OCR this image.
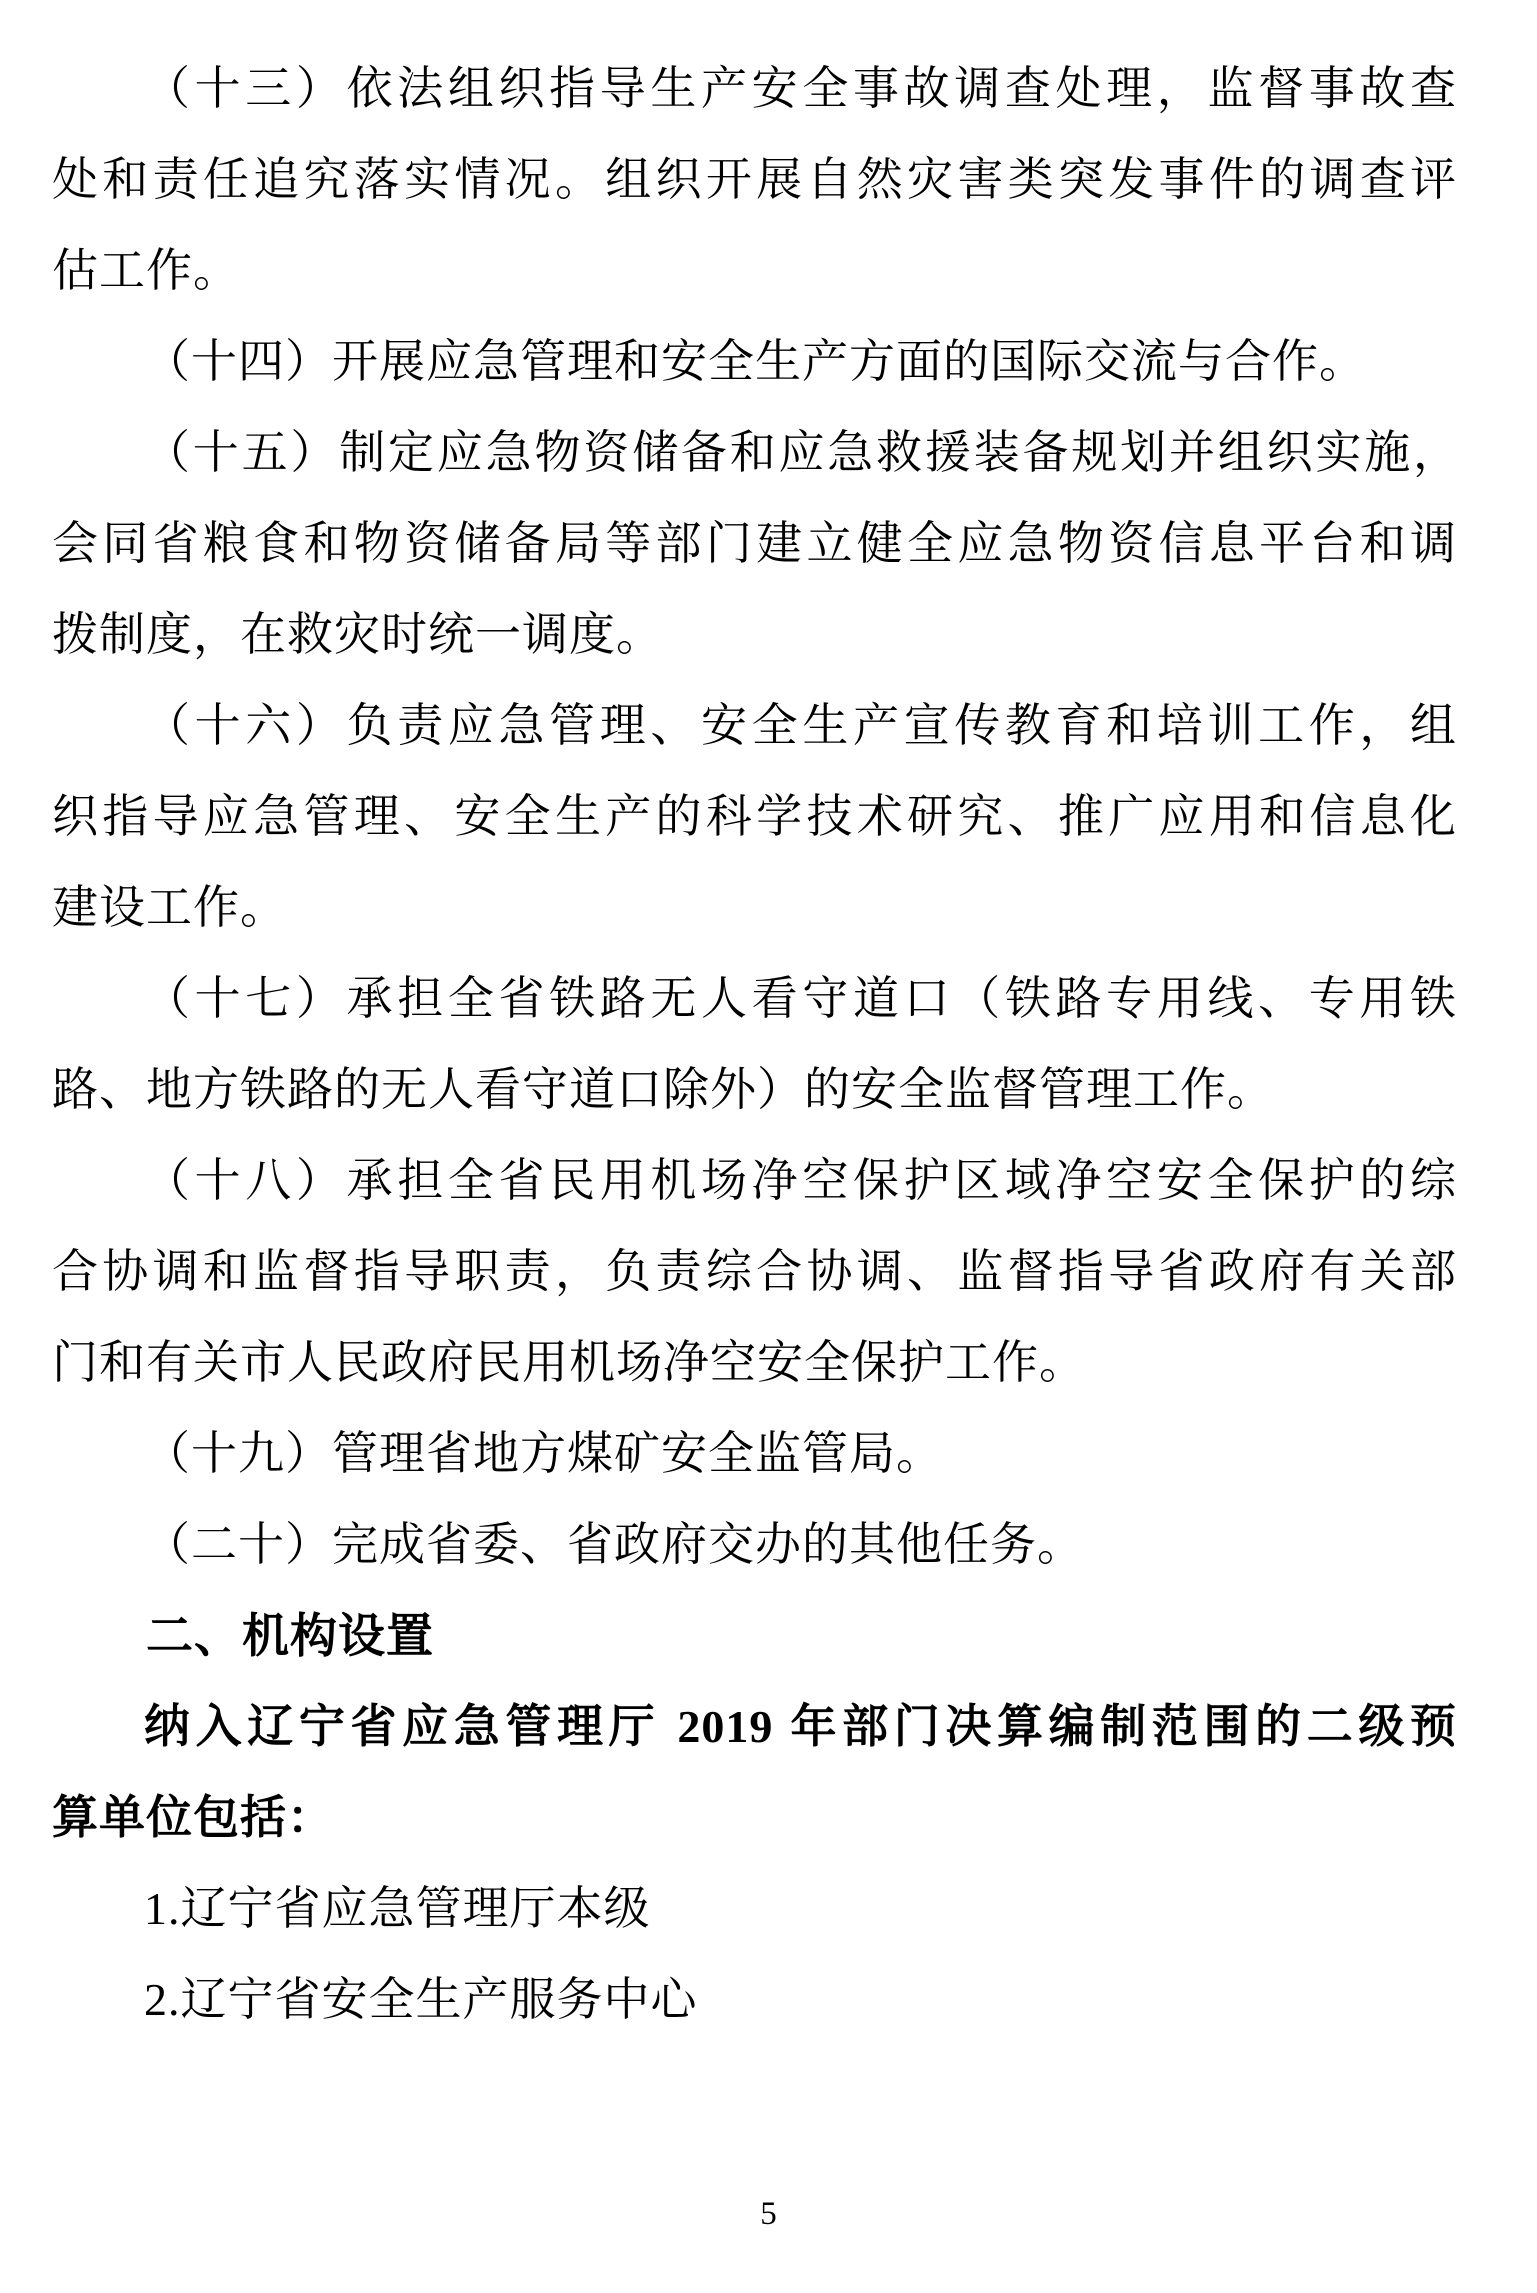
（十三）依法组织指导生产安全事故调查处理，监督事故查
处和责任追究落实情况。组织开展自然灾害类突发事件的调查评
估工作。
（十四）开展应急管理和安全生产方面的国际交流与合作。
（十五）制定应急物资储备和应急救援装备规划并组织实施，
会同省粮食和物资储备局等部门建立健全应急物资信息平台和调
拨制度，在救灾时统一调度。
（十六）负责应急管理、安全生产宣传教育和培训工作，组
织指导应急管理、安全生产的科学技术研究、推广应用和信息化
建设工作。
（十七）承担全省铁路无人看守道口（铁路专用线、专用铁
路、地方铁路的无人看守道口除外）的安全监督管理工作。
（十八）承担全省民用机场净空保护区域净空安全保护的综
合协调和监督指导职责，负责综合协调、监督指导省政府有关部
门和有关市人民政府民用机场净空安全保护工作。
（十九）管理省地方煤矿安全监管局。
（二十）完成省委、省政府交办的其他任务。
二、机构设置
纳入辽宁省应急管理厅 2019 年部门决算编制范围的二级预
算单位包括：
1.辽宁省应急管理厅本级
2.辽宁省安全生产服务中心
5
